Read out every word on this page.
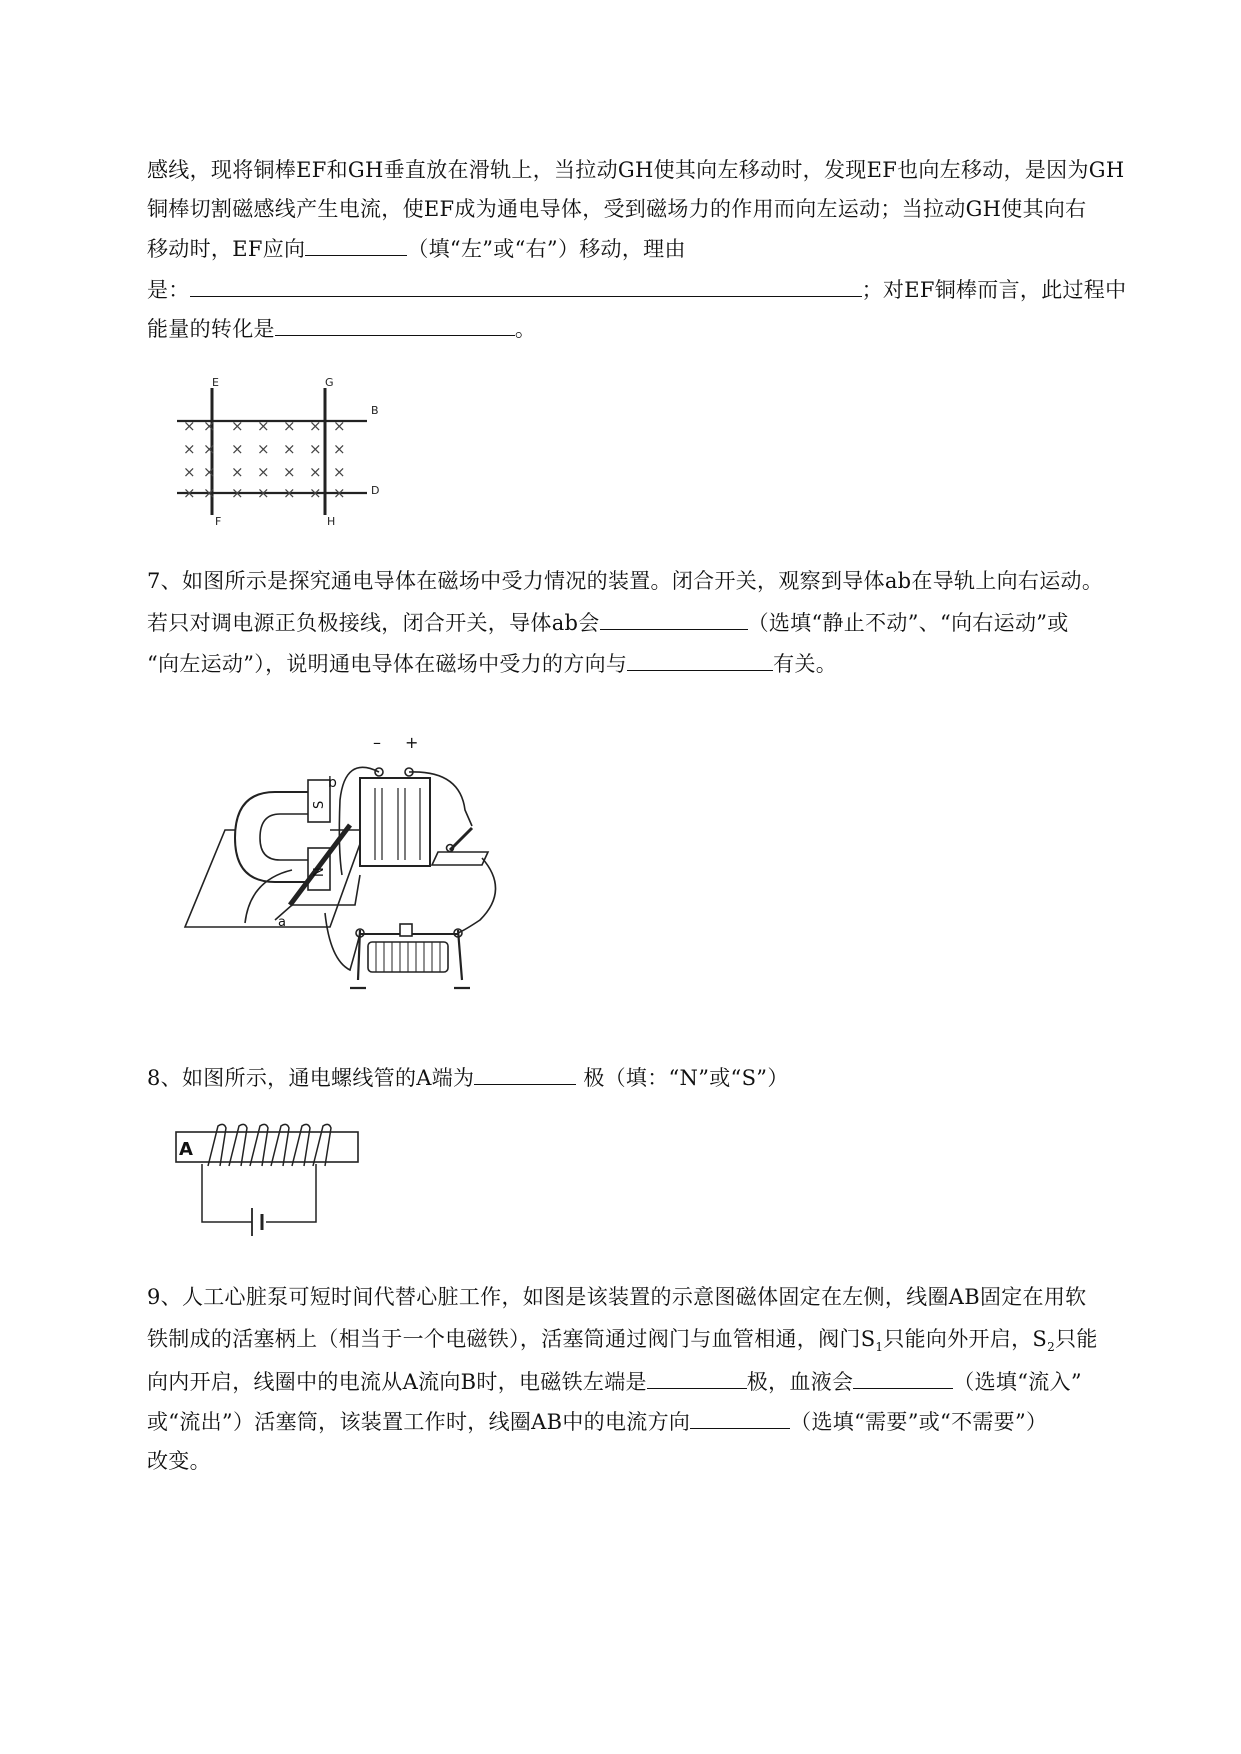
感线，现将铜棒EF和GH垂直放在滑轨上，当拉动GH使其向左移动时，发现EF也向左移动，是因为GH
铜棒切割磁感线产生电流，使EF成为通电导体，受到磁场力的作用而向左运动；当拉动GH使其向右
移动时，EF应向	（填“左”或“右”）移动，理由
是：	；对EF铜棒而言，此过程中
能量的转化是	。
× × × × × × ×
× × × × × × ×
× × × × × × ×
× × × × × × ×
E	G
B
D
F	H
7、如图所示是探究通电导体在磁场中受力情况的装置。闭合开关，观察到导体ab在导轨上向右运动。
若只对调电源正负极接线，闭合开关，导体ab会	（选填“静止不动”、“向右运动”或
“向左运动”），说明通电导体在磁场中受力的方向与	有关。
– +
b
a
S
N
8、如图所示，通电螺线管的A端为	极（填：“N”或“S”）
A
9、人工心脏泵可短时间代替心脏工作，如图是该装置的示意图磁体固定在左侧，线圈AB固定在用软
铁制成的活塞柄上（相当于一个电磁铁），活塞筒通过阀门与血管相通，阀门$S_1$只能向外开启，$S_2$只能
向内开启，线圈中的电流从A流向B时，电磁铁左端是	极，血液会	（选填“流入”
或“流出”）活塞筒，该装置工作时，线圈AB中的电流方向	（选填“需要”或“不需要”）
改变。
